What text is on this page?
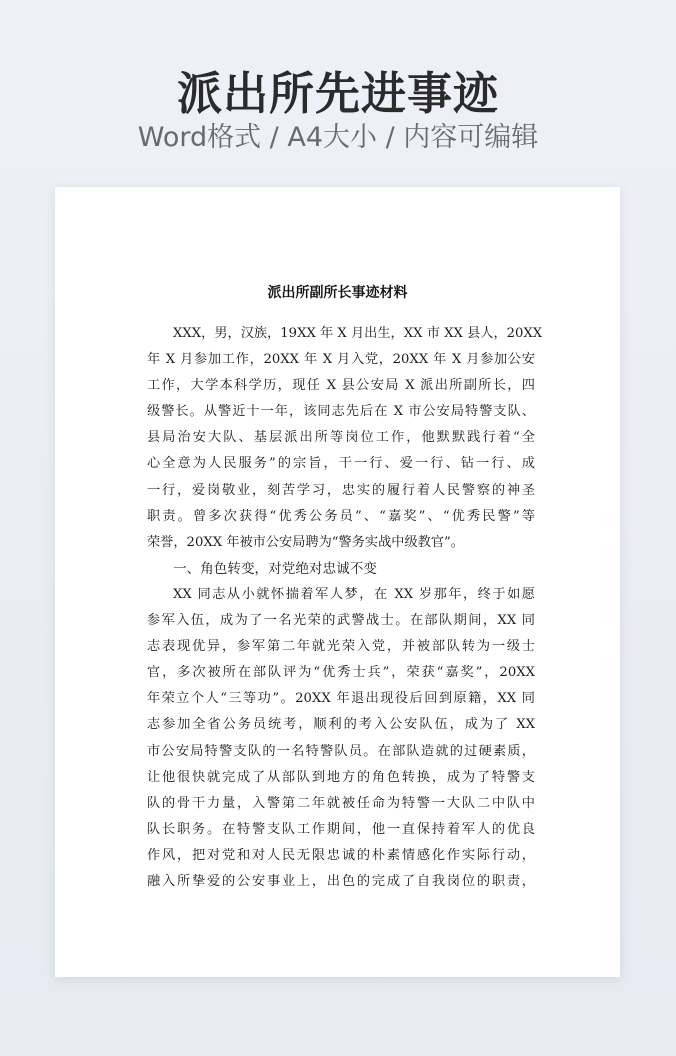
派出所先进事迹
Word格式 / A4大小 / 内容可编辑
派出所副所长事迹材料
XXX，男，汉族，19XX 年 X 月出生，XX 市 XX 县人，20XX
年 X 月参加工作，20XX 年 X 月入党，20XX 年 X 月参加公安
工作，大学本科学历，现任 X 县公安局 X 派出所副所长，四
级警长。从警近十一年，该同志先后在 X 市公安局特警支队、
县局治安大队、基层派出所等岗位工作，他默默践行着“全
心全意为人民服务”的宗旨，干一行、爱一行、钻一行、成
一行，爱岗敬业，刻苦学习，忠实的履行着人民警察的神圣
职责。曾多次获得“优秀公务员”、“嘉奖”、“优秀民警”等
荣誉，20XX 年被市公安局聘为“警务实战中级教官”。
一、角色转变，对党绝对忠诚不变
XX 同志从小就怀揣着军人梦，在 XX 岁那年，终于如愿
参军入伍，成为了一名光荣的武警战士。在部队期间，XX 同
志表现优异，参军第二年就光荣入党，并被部队转为一级士
官，多次被所在部队评为“优秀士兵”，荣获“嘉奖”，20XX
年荣立个人“三等功”。20XX 年退出现役后回到原籍，XX 同
志参加全省公务员统考，顺利的考入公安队伍，成为了 XX
市公安局特警支队的一名特警队员。在部队造就的过硬素质，
让他很快就完成了从部队到地方的角色转换，成为了特警支
队的骨干力量，入警第二年就被任命为特警一大队二中队中
队长职务。在特警支队工作期间，他一直保持着军人的优良
作风，把对党和对人民无限忠诚的朴素情感化作实际行动，
融入所挚爱的公安事业上，出色的完成了自我岗位的职责，
